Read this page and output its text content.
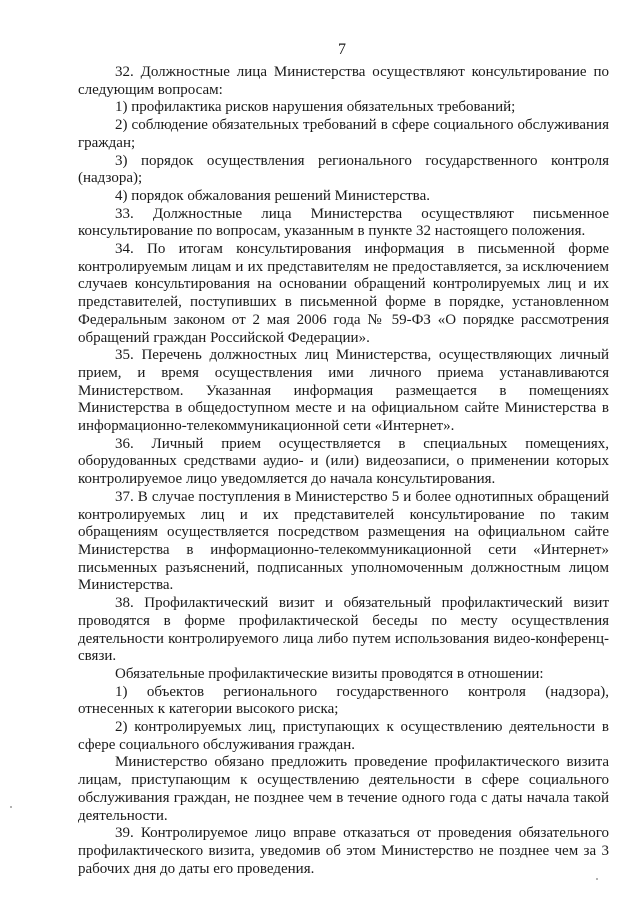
7

32. Должностные лица Министерства осуществляют консультирование по следующим вопросам:

1) профилактика рисков нарушения обязательных требований;

2) соблюдение обязательных требований в сфере социального обслуживания граждан;

3) порядок осуществления регионального государственного контроля (надзора);

4) порядок обжалования решений Министерства.

33. Должностные лица Министерства осуществляют письменное консультирование по вопросам, указанным в пункте 32 настоящего положения.

34. По итогам консультирования информация в письменной форме контролируемым лицам и их представителям не предоставляется, за исключением случаев консультирования на основании обращений контролируемых лиц и их представителей, поступивших в письменной форме в порядке, установленном Федеральным законом от 2 мая 2006 года № 59-ФЗ «О порядке рассмотрения обращений граждан Российской Федерации».

35. Перечень должностных лиц Министерства, осуществляющих личный прием, и время осуществления ими личного приема устанавливаются Министерством. Указанная информация размещается в помещениях Министерства в общедоступном месте и на официальном сайте Министерства в информационно-телекоммуникационной сети «Интернет».

36. Личный прием осуществляется в специальных помещениях, оборудованных средствами аудио- и (или) видеозаписи, о применении которых контролируемое лицо уведомляется до начала консультирования.

37. В случае поступления в Министерство 5 и более однотипных обращений контролируемых лиц и их представителей консультирование по таким обращениям осуществляется посредством размещения на официальном сайте Министерства в информационно-телекоммуникационной сети «Интернет» письменных разъяснений, подписанных уполномоченным должностным лицом Министерства.

38. Профилактический визит и обязательный профилактический визит проводятся в форме профилактической беседы по месту осуществления деятельности контролируемого лица либо путем использования видео-конференц-связи.

Обязательные профилактические визиты проводятся в отношении:

1) объектов регионального государственного контроля (надзора), отнесенных к категории высокого риска;

2) контролируемых лиц, приступающих к осуществлению деятельности в сфере социального обслуживания граждан.

Министерство обязано предложить проведение профилактического визита лицам, приступающим к осуществлению деятельности в сфере социального обслуживания граждан, не позднее чем в течение одного года с даты начала такой деятельности.

39. Контролируемое лицо вправе отказаться от проведения обязательного профилактического визита, уведомив об этом Министерство не позднее чем за 3 рабочих дня до даты его проведения.
